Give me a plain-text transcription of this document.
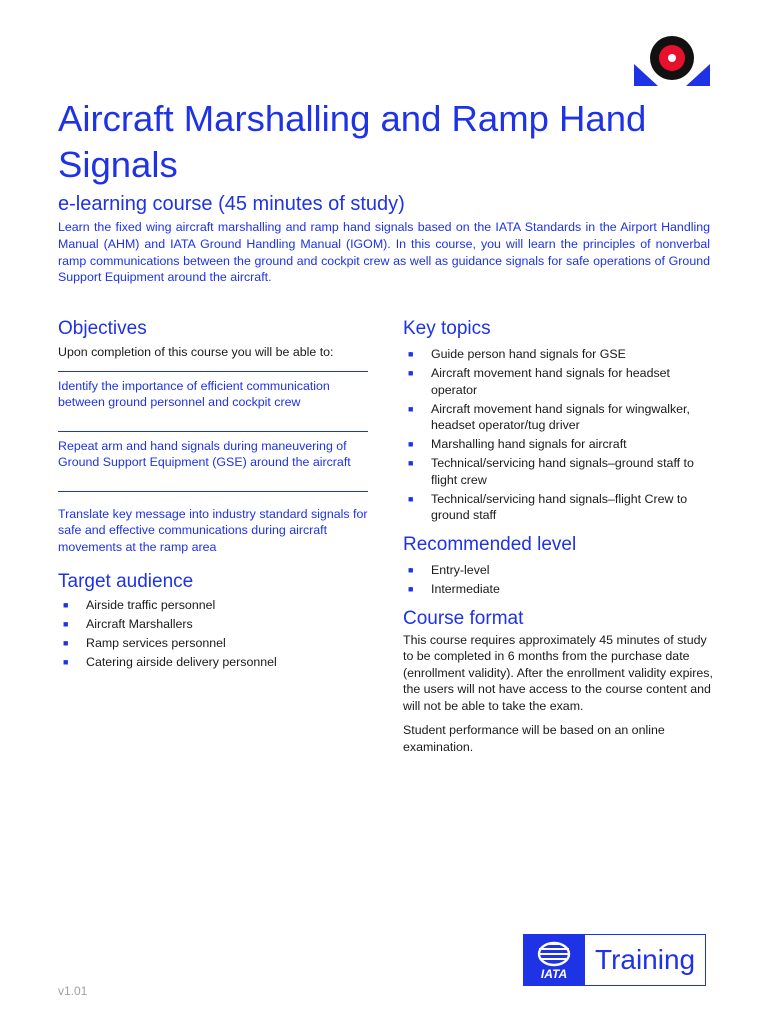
Aircraft Marshalling and Ramp Hand Signals
e-learning course (45 minutes of study)

Learn the fixed wing aircraft marshalling and ramp hand signals based on the IATA Standards in the Airport Handling Manual (AHM) and IATA Ground Handling Manual (IGOM). In this course, you will learn the principles of nonverbal ramp communications between the ground and cockpit crew as well as guidance signals for safe operations of Ground Support Equipment around the aircraft.

Objectives

Upon completion of this course you will be able to:

Identify the importance of efficient communication between ground personnel and cockpit crew
Repeat arm and hand signals during maneuvering of Ground Support Equipment (GSE) around the aircraft
Translate key message into industry standard signals for safe and effective communications during aircraft movements at the ramp area
Target audience
■ Airside traffic personnel
■ Aircraft Marshallers
■ Ramp services personnel
■ Catering airside delivery personnel
Key topics
■ Guide person hand signals for GSE
■ Aircraft movement hand signals for headset operator
■ Aircraft movement hand signals for wingwalker, headset operator/tug driver
■ Marshalling hand signals for aircraft
■ Technical/servicing hand signals–ground staff to flight crew
■ Technical/servicing hand signals–flight Crew to ground staff
Recommended level
■ Entry-level
■ Intermediate
Course format

This course requires approximately 45 minutes of study to be completed in 6 months from the purchase date (enrollment validity). After the enrollment validity expires, the users will not have access to the course content and will not be able to take the exam.

Student performance will be based on an online examination.

v1.01
IATA Training
